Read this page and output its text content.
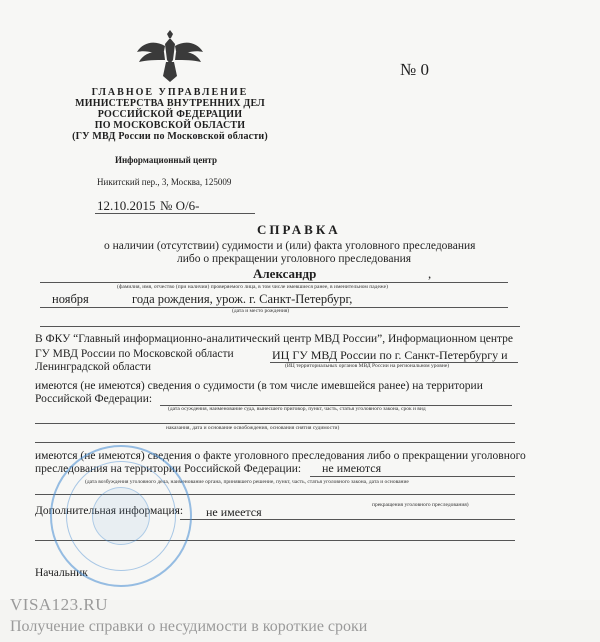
№ 0
ГЛАВНОЕ УПРАВЛЕНИЕ
МИНИСТЕРСТВА ВНУТРЕННИХ ДЕЛ
РОССИЙСКОЙ ФЕДЕРАЦИИ
ПО МОСКОВСКОЙ ОБЛАСТИ
(ГУ МВД России по Московской области)
Информационный центр
Никитский пер., 3, Москва, 125009
12.10.2015 № О/6-
СПРАВКА
о наличии (отсутствии) судимости и (или) факта уголовного преследования
либо о прекращении уголовного преследования
Александр	,
(фамилия, имя, отчество (при наличии) проверяемого лица, в том числе имевшиеся ранее, в именительном падеже)
ноября	года рождения, урож. г. Санкт-Петербург,
(дата и место рождения)
В ФКУ “Главный информационно-аналитический центр МВД России”, Информационном центре
ГУ МВД России по Московской области	ИЦ ГУ МВД России по г. Санкт-Петербургу и
Ленинградской области	(ИЦ территориальных органов МВД России на региональном уровне)
имеются (не имеются) сведения о судимости (в том числе имевшейся ранее) на территории
Российской Федерации:
(дата осуждения, наименование суда, вынесшего приговор, пункт, часть, статья уголовного закона, срок и вид
наказания, дата и основание освобождения, основания снятия судимости)
имеются (не имеются) сведения о факте уголовного преследования либо о прекращении уголовного
преследования на территории Российской Федерации: не имеются
(дата возбуждения уголовного дела, наименование органа, принявшего решение, пункт, часть, статья уголовного закона, дата и основание
прекращения уголовного преследования)
Дополнительная информация: не имеется
Начальник
VISA123.RU
Получение справки о несудимости в короткие сроки
